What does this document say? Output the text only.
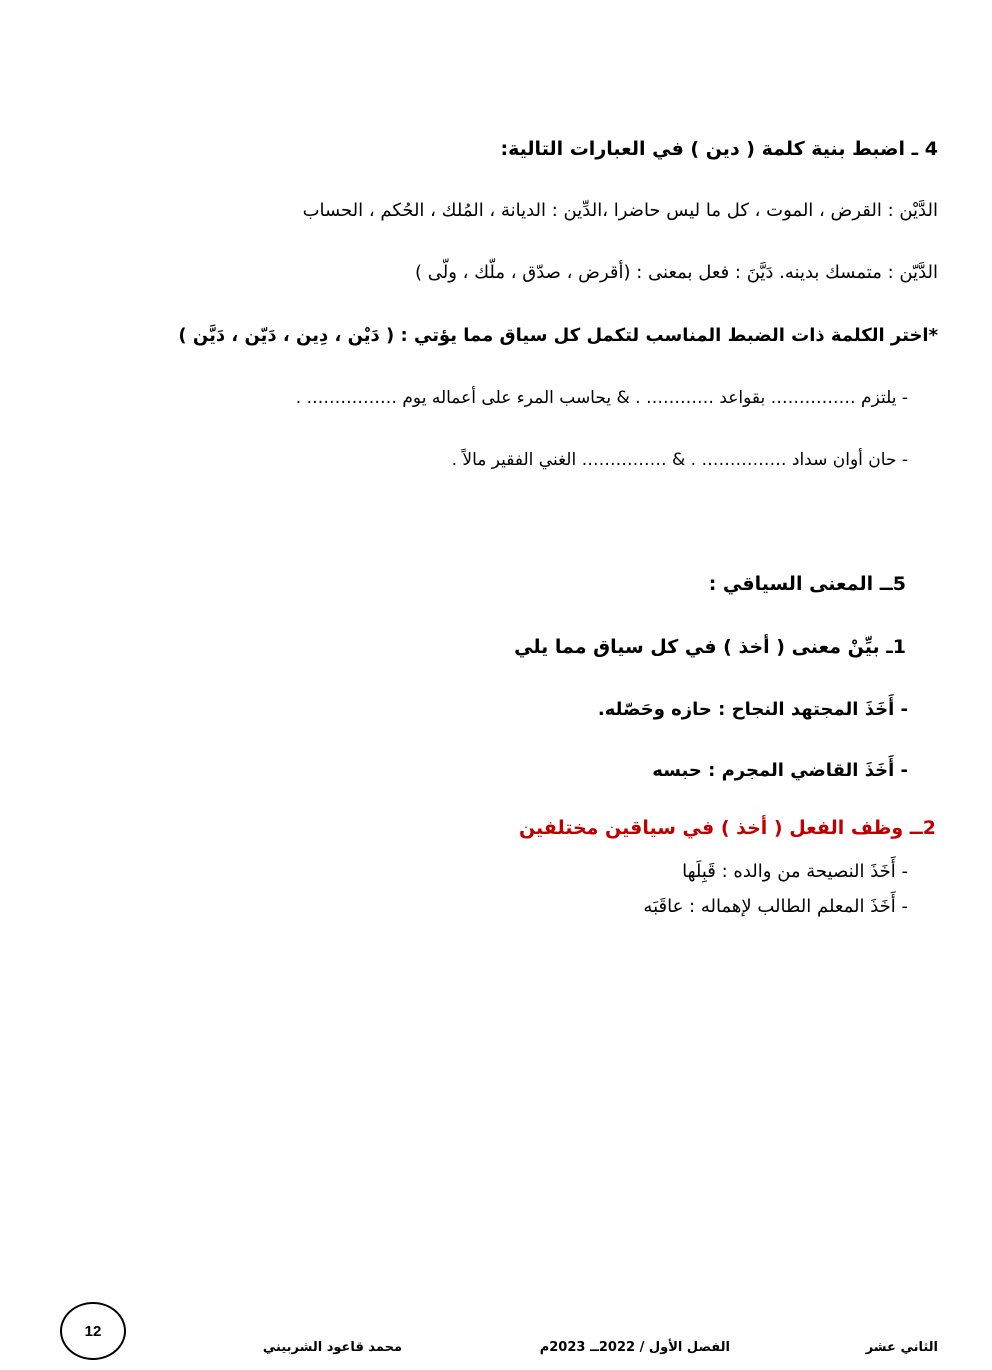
4 ـ اضبط بنية كلمة ( دين ) في العبارات التالية:
الدَّيْن : القرض ، الموت ، كل ما ليس حاضرا ،الدِّين : الديانة ، المُلك ، الحُكم ، الحساب
الدَّيّن : متمسك بدينه. دَيَّنَ : فعل بمعنى : (أقرض ، صدّق ، ملّك ، ولّى )
*اختر الكلمة ذات الضبط المناسب لتكمل كل سياق مما يؤتي : ( دَيْن ، دِين ، دَيّن ، دَيَّن )
- يلتزم …………… بقواعد ………… . & يحاسب المرء على أعماله يوم ……………. .
- حان أوان سداد …………… . & …………… الغني الفقير مالاً .
5ــ المعنى السياقي :
1ـ بيِّنْ معنى ( أخذ ) في كل سياق مما يلي
- أَخَذَ المجتهد النجاح : حازه وحَصّله.
- أَخَذَ القاضي المجرم : حبسه
2ــ وظف الفعل ( أخذ ) في سياقين مختلفين
- أَخَذَ النصيحة من والده : قَبِلَها
- أَخَذَ المعلم الطالب لإهماله : عاقَبَه
12
الثاني عشر
الفصل الأول / 2022ــ 2023م
محمد قاعود الشربيني
